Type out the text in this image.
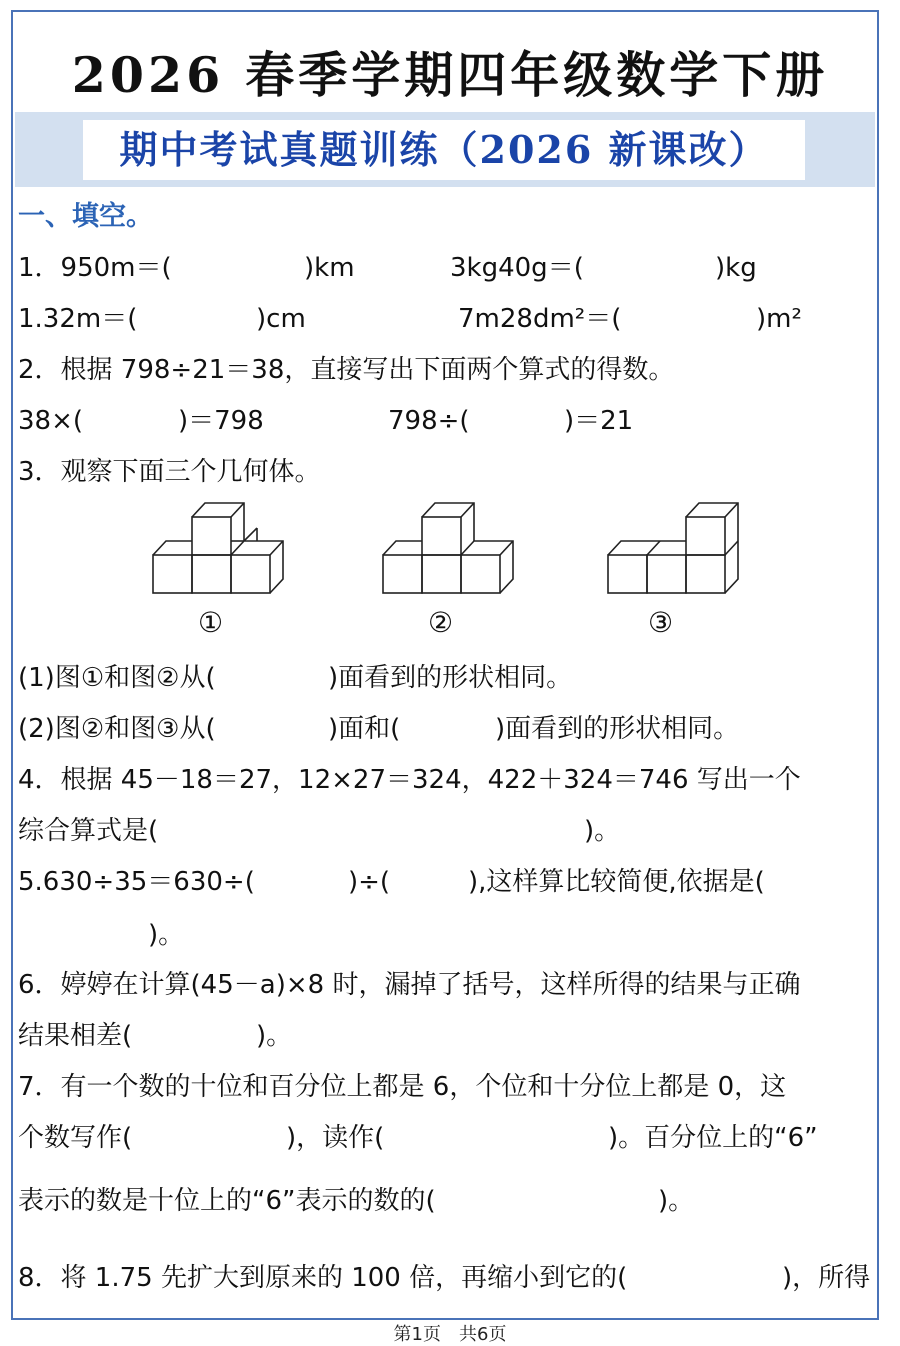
2026 春季学期四年级数学下册
期中考试真题训练（2026 新课改）
一、填空。
1．950m＝(	)km	3kg40g＝(	)kg
1.32m＝(	)cm	7m28dm²＝(	)m²
2．根据 798÷21＝38，直接写出下面两个算式的得数。
38×(	)＝798	798÷(	)＝21
3．观察下面三个几何体。
①	②	③
(1)图①和图②从(	)面看到的形状相同。
(2)图②和图③从(	)面和(	)面看到的形状相同。
4．根据 45－18＝27，12×27＝324，422＋324＝746 写出一个
综合算式是(	)。
5.630÷35＝630÷(	)÷(	),这样算比较简便,依据是(
)。
6．婷婷在计算(45－a)×8 时，漏掉了括号，这样所得的结果与正确
结果相差(	)。
7．有一个数的十位和百分位上都是 6，个位和十分位上都是 0，这
个数写作(	)，读作(	)。百分位上的“6”
表示的数是十位上的“6”表示的数的(	)。
8．将 1.75 先扩大到原来的 100 倍，再缩小到它的(	)，所得
第1页　共6页
